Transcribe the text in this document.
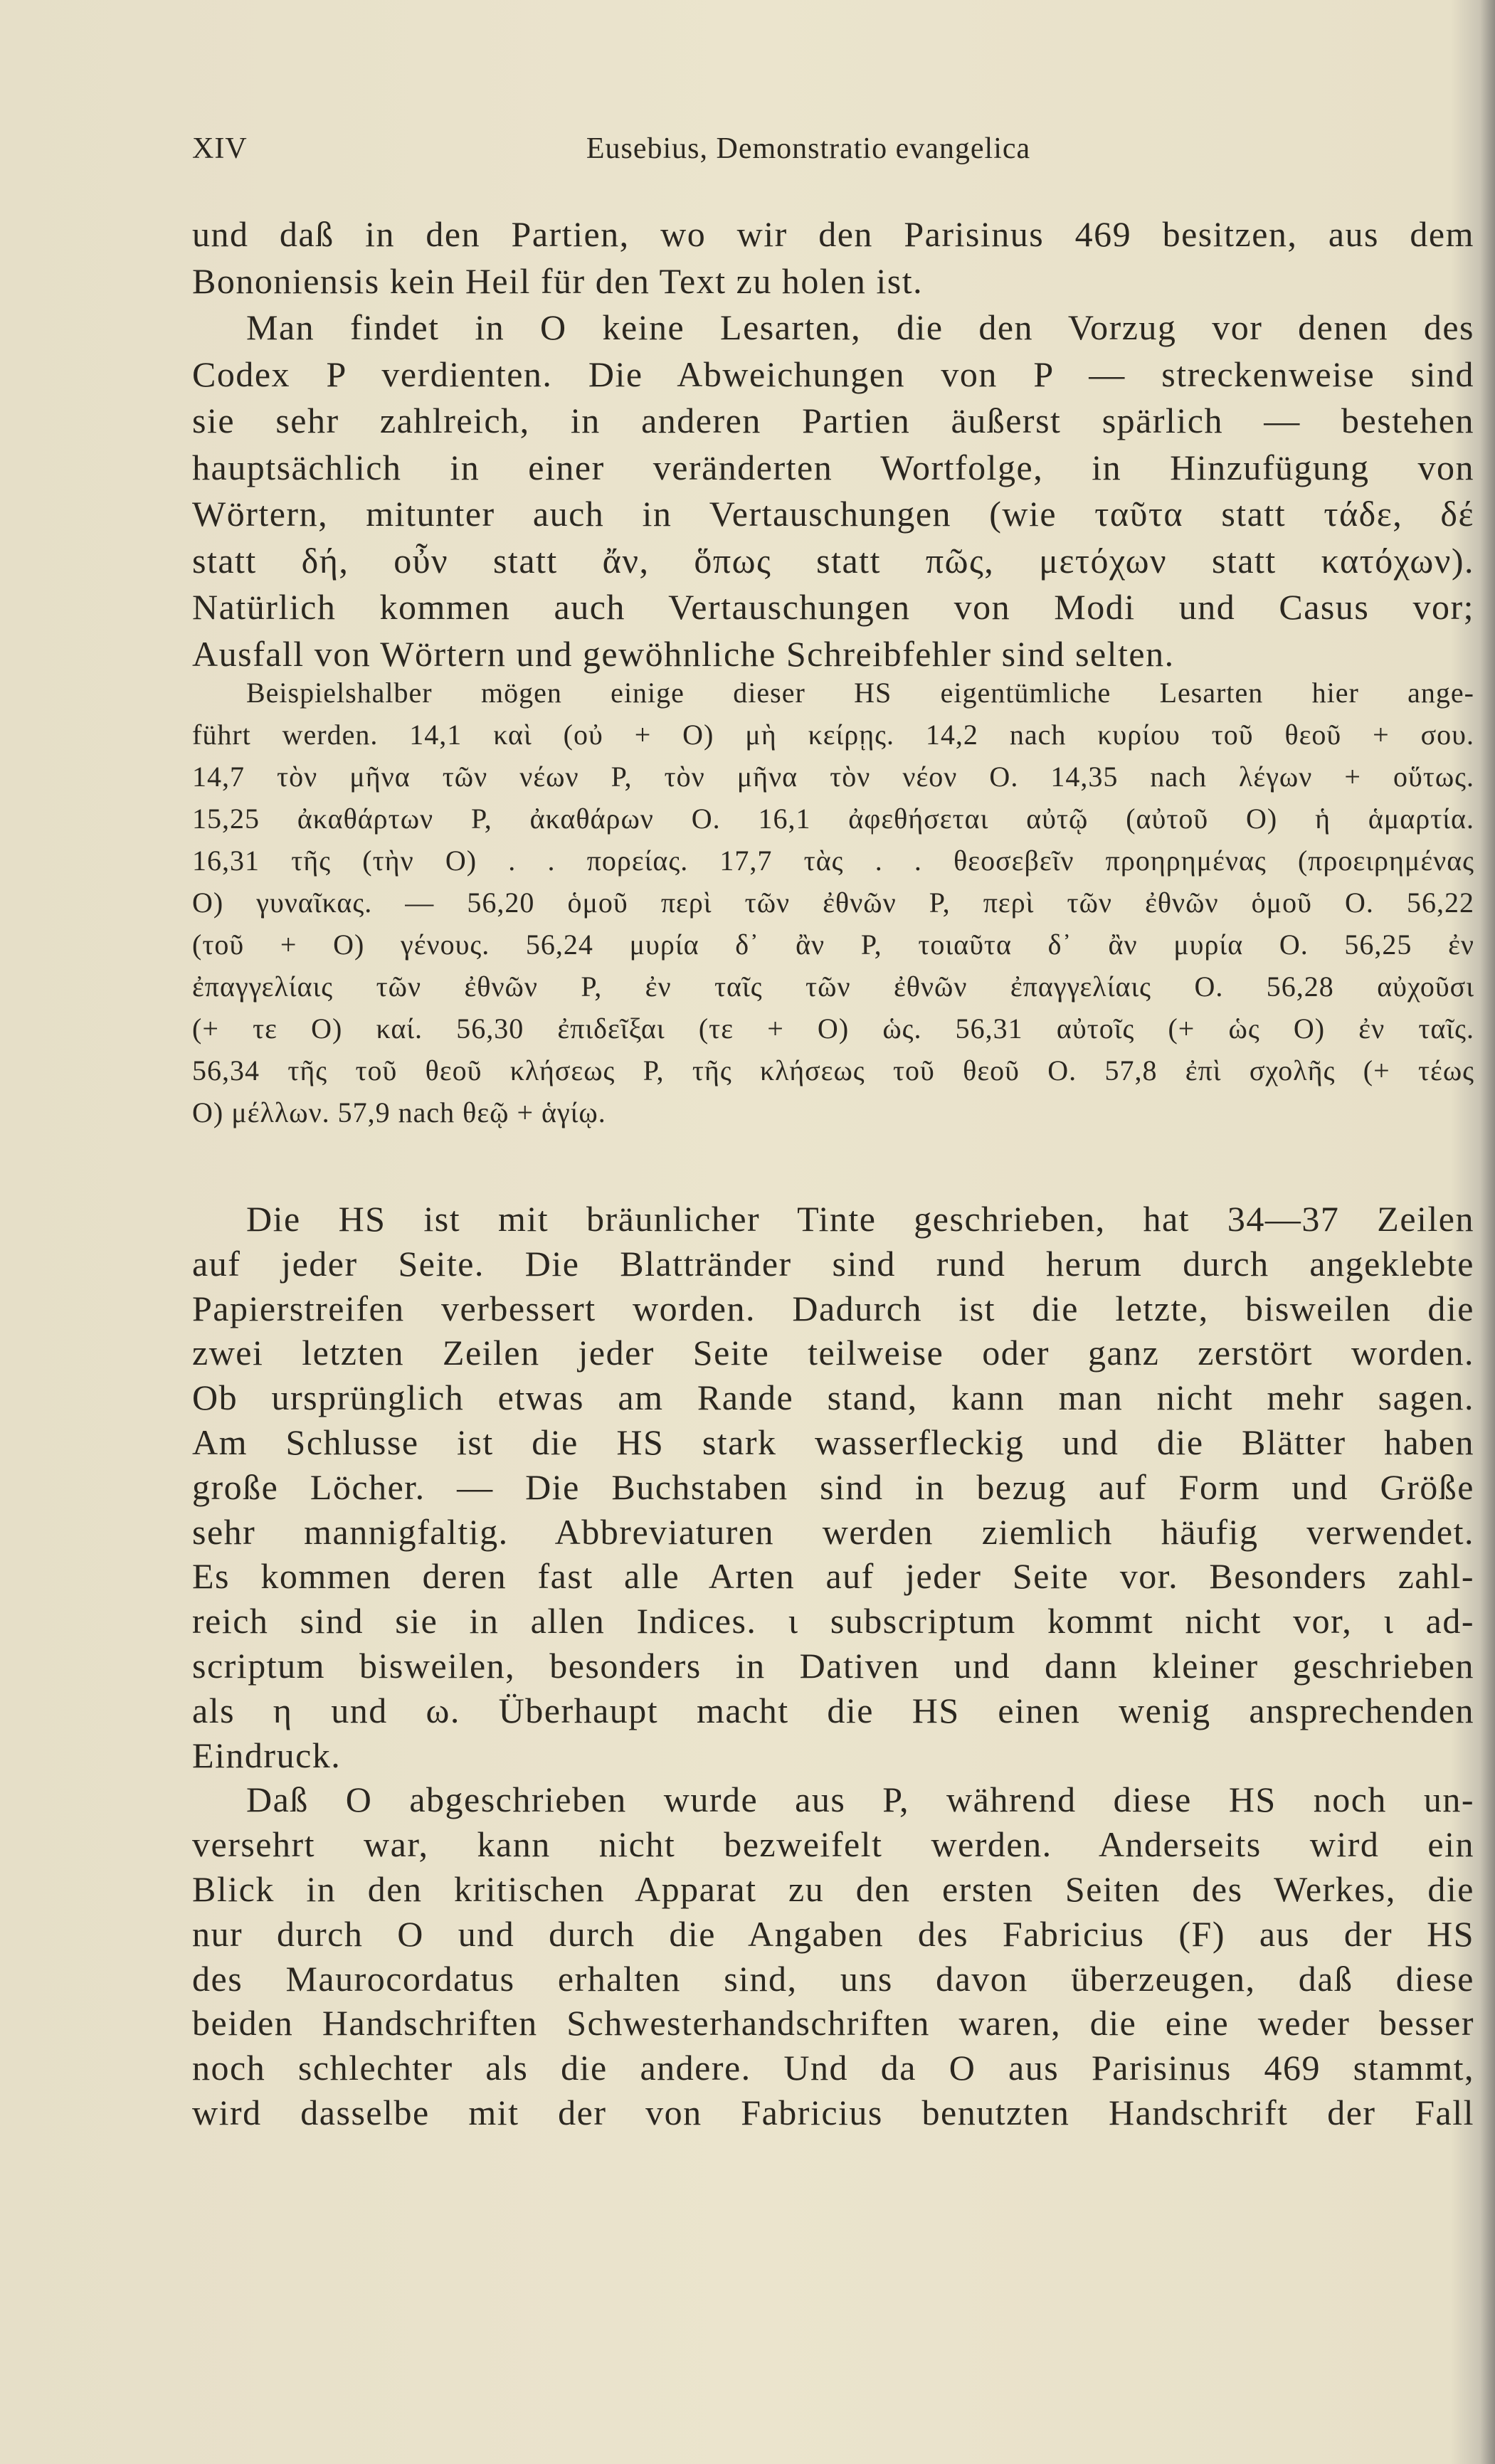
XIV	Eusebius, Demonstratio evangelica
und daß in den Partien, wo wir den Parisinus 469 besitzen, aus dem
Bononiensis kein Heil für den Text zu holen ist.
Man findet in O keine Lesarten, die den Vorzug vor denen des
Codex P verdienten. Die Abweichungen von P — streckenweise sind
sie sehr zahlreich, in anderen Partien äußerst spärlich — bestehen
hauptsächlich in einer veränderten Wortfolge, in Hinzufügung von
Wörtern, mitunter auch in Vertauschungen (wie ταῦτα statt τάδε, δέ
statt δή, οὖν statt ἄν, ὅπως statt πῶς, μετόχων statt κατόχων).
Natürlich kommen auch Vertauschungen von Modi und Casus vor;
Ausfall von Wörtern und gewöhnliche Schreibfehler sind selten.
Beispielshalber mögen einige dieser HS eigentümliche Lesarten hier ange-
führt werden. 14,1 καὶ (οὐ + O) μὴ κείρῃς. 14,2 nach κυρίου τοῦ θεοῦ + σου.
14,7 τὸν μῆνα τῶν νέων P, τὸν μῆνα τὸν νέον O. 14,35 nach λέγων + οὕτως.
15,25 ἀκαθάρτων P, ἀκαθάρων O. 16,1 ἀφεθήσεται αὐτῷ (αὐτοῦ O) ἡ ἁμαρτία.
16,31 τῆς (τὴν O) . . πορείας. 17,7 τὰς . . θεοσεβεῖν προηρημένας (προειρημένας
O) γυναῖκας. — 56,20 ὁμοῦ περὶ τῶν ἐθνῶν P, περὶ τῶν ἐθνῶν ὁμοῦ O. 56,22
(τοῦ + O) γένους. 56,24 μυρία δ᾽ ἂν P, τοιαῦτα δ᾽ ἂν μυρία O. 56,25 ἐν
ἐπαγγελίαις τῶν ἐθνῶν P, ἐν ταῖς τῶν ἐθνῶν ἐπαγγελίαις O. 56,28 αὐχοῦσι
(+ τε O) καί. 56,30 ἐπιδεῖξαι (τε + O) ὡς. 56,31 αὐτοῖς (+ ὡς O) ἐν ταῖς.
56,34 τῆς τοῦ θεοῦ κλήσεως P, τῆς κλήσεως τοῦ θεοῦ O. 57,8 ἐπὶ σχολῆς (+ τέως
O) μέλλων. 57,9 nach θεῷ + ἁγίῳ.
Die HS ist mit bräunlicher Tinte geschrieben, hat 34—37 Zeilen
auf jeder Seite. Die Blattränder sind rund herum durch angeklebte
Papierstreifen verbessert worden. Dadurch ist die letzte, bisweilen die
zwei letzten Zeilen jeder Seite teilweise oder ganz zerstört worden.
Ob ursprünglich etwas am Rande stand, kann man nicht mehr sagen.
Am Schlusse ist die HS stark wasserfleckig und die Blätter haben
große Löcher. — Die Buchstaben sind in bezug auf Form und Größe
sehr mannigfaltig. Abbreviaturen werden ziemlich häufig verwendet.
Es kommen deren fast alle Arten auf jeder Seite vor. Besonders zahl-
reich sind sie in allen Indices. ι subscriptum kommt nicht vor, ι ad-
scriptum bisweilen, besonders in Dativen und dann kleiner geschrieben
als η und ω. Überhaupt macht die HS einen wenig ansprechenden
Eindruck.
Daß O abgeschrieben wurde aus P, während diese HS noch un-
versehrt war, kann nicht bezweifelt werden. Anderseits wird ein
Blick in den kritischen Apparat zu den ersten Seiten des Werkes, die
nur durch O und durch die Angaben des Fabricius (F) aus der HS
des Maurocordatus erhalten sind, uns davon überzeugen, daß diese
beiden Handschriften Schwesterhandschriften waren, die eine weder besser
noch schlechter als die andere. Und da O aus Parisinus 469 stammt,
wird dasselbe mit der von Fabricius benutzten Handschrift der Fall
